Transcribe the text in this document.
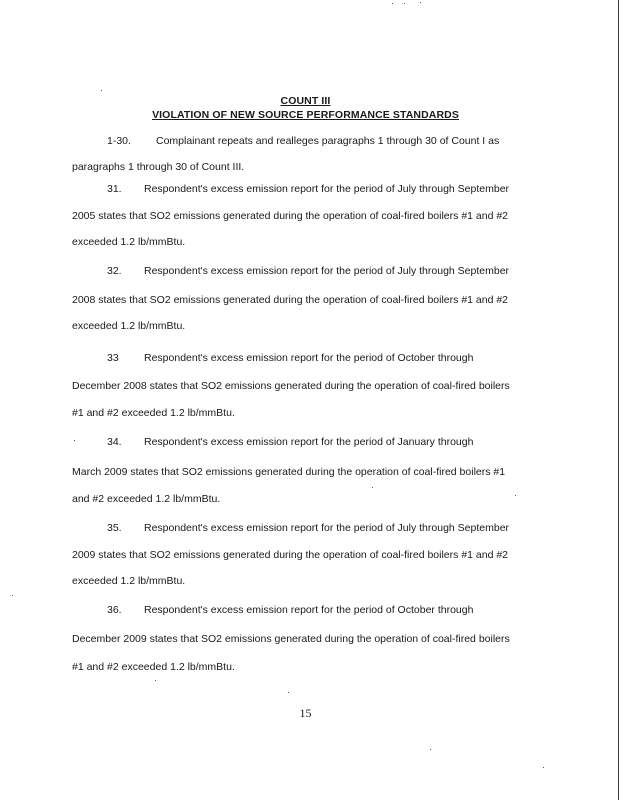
COUNT III
VIOLATION OF NEW SOURCE PERFORMANCE STANDARDS
1-30. Complainant repeats and realleges paragraphs 1 through 30 of Count I as
paragraphs 1 through 30 of Count III.
31. Respondent's excess emission report for the period of July through September
2005 states that SO2 emissions generated during the operation of coal-fired boilers #1 and #2
exceeded 1.2 lb/mmBtu.
32. Respondent's excess emission report for the period of July through September
2008 states that SO2 emissions generated during the operation of coal-fired boilers #1 and #2
exceeded 1.2 lb/mmBtu.
33 Respondent's excess emission report for the period of October through
December 2008 states that SO2 emissions generated during the operation of coal-fired boilers
#1 and #2 exceeded 1.2 lb/mmBtu.
34. Respondent's excess emission report for the period of January through
March 2009 states that SO2 emissions generated during the operation of coal-fired boilers #1
and #2 exceeded 1.2 lb/mmBtu.
35. Respondent's excess emission report for the period of July through September
2009 states that SO2 emissions generated during the operation of coal-fired boilers #1 and #2
exceeded 1.2 lb/mmBtu.
36. Respondent's excess emission report for the period of October through
December 2009 states that SO2 emissions generated during the operation of coal-fired boilers
#1 and #2 exceeded 1.2 lb/mmBtu.
15
